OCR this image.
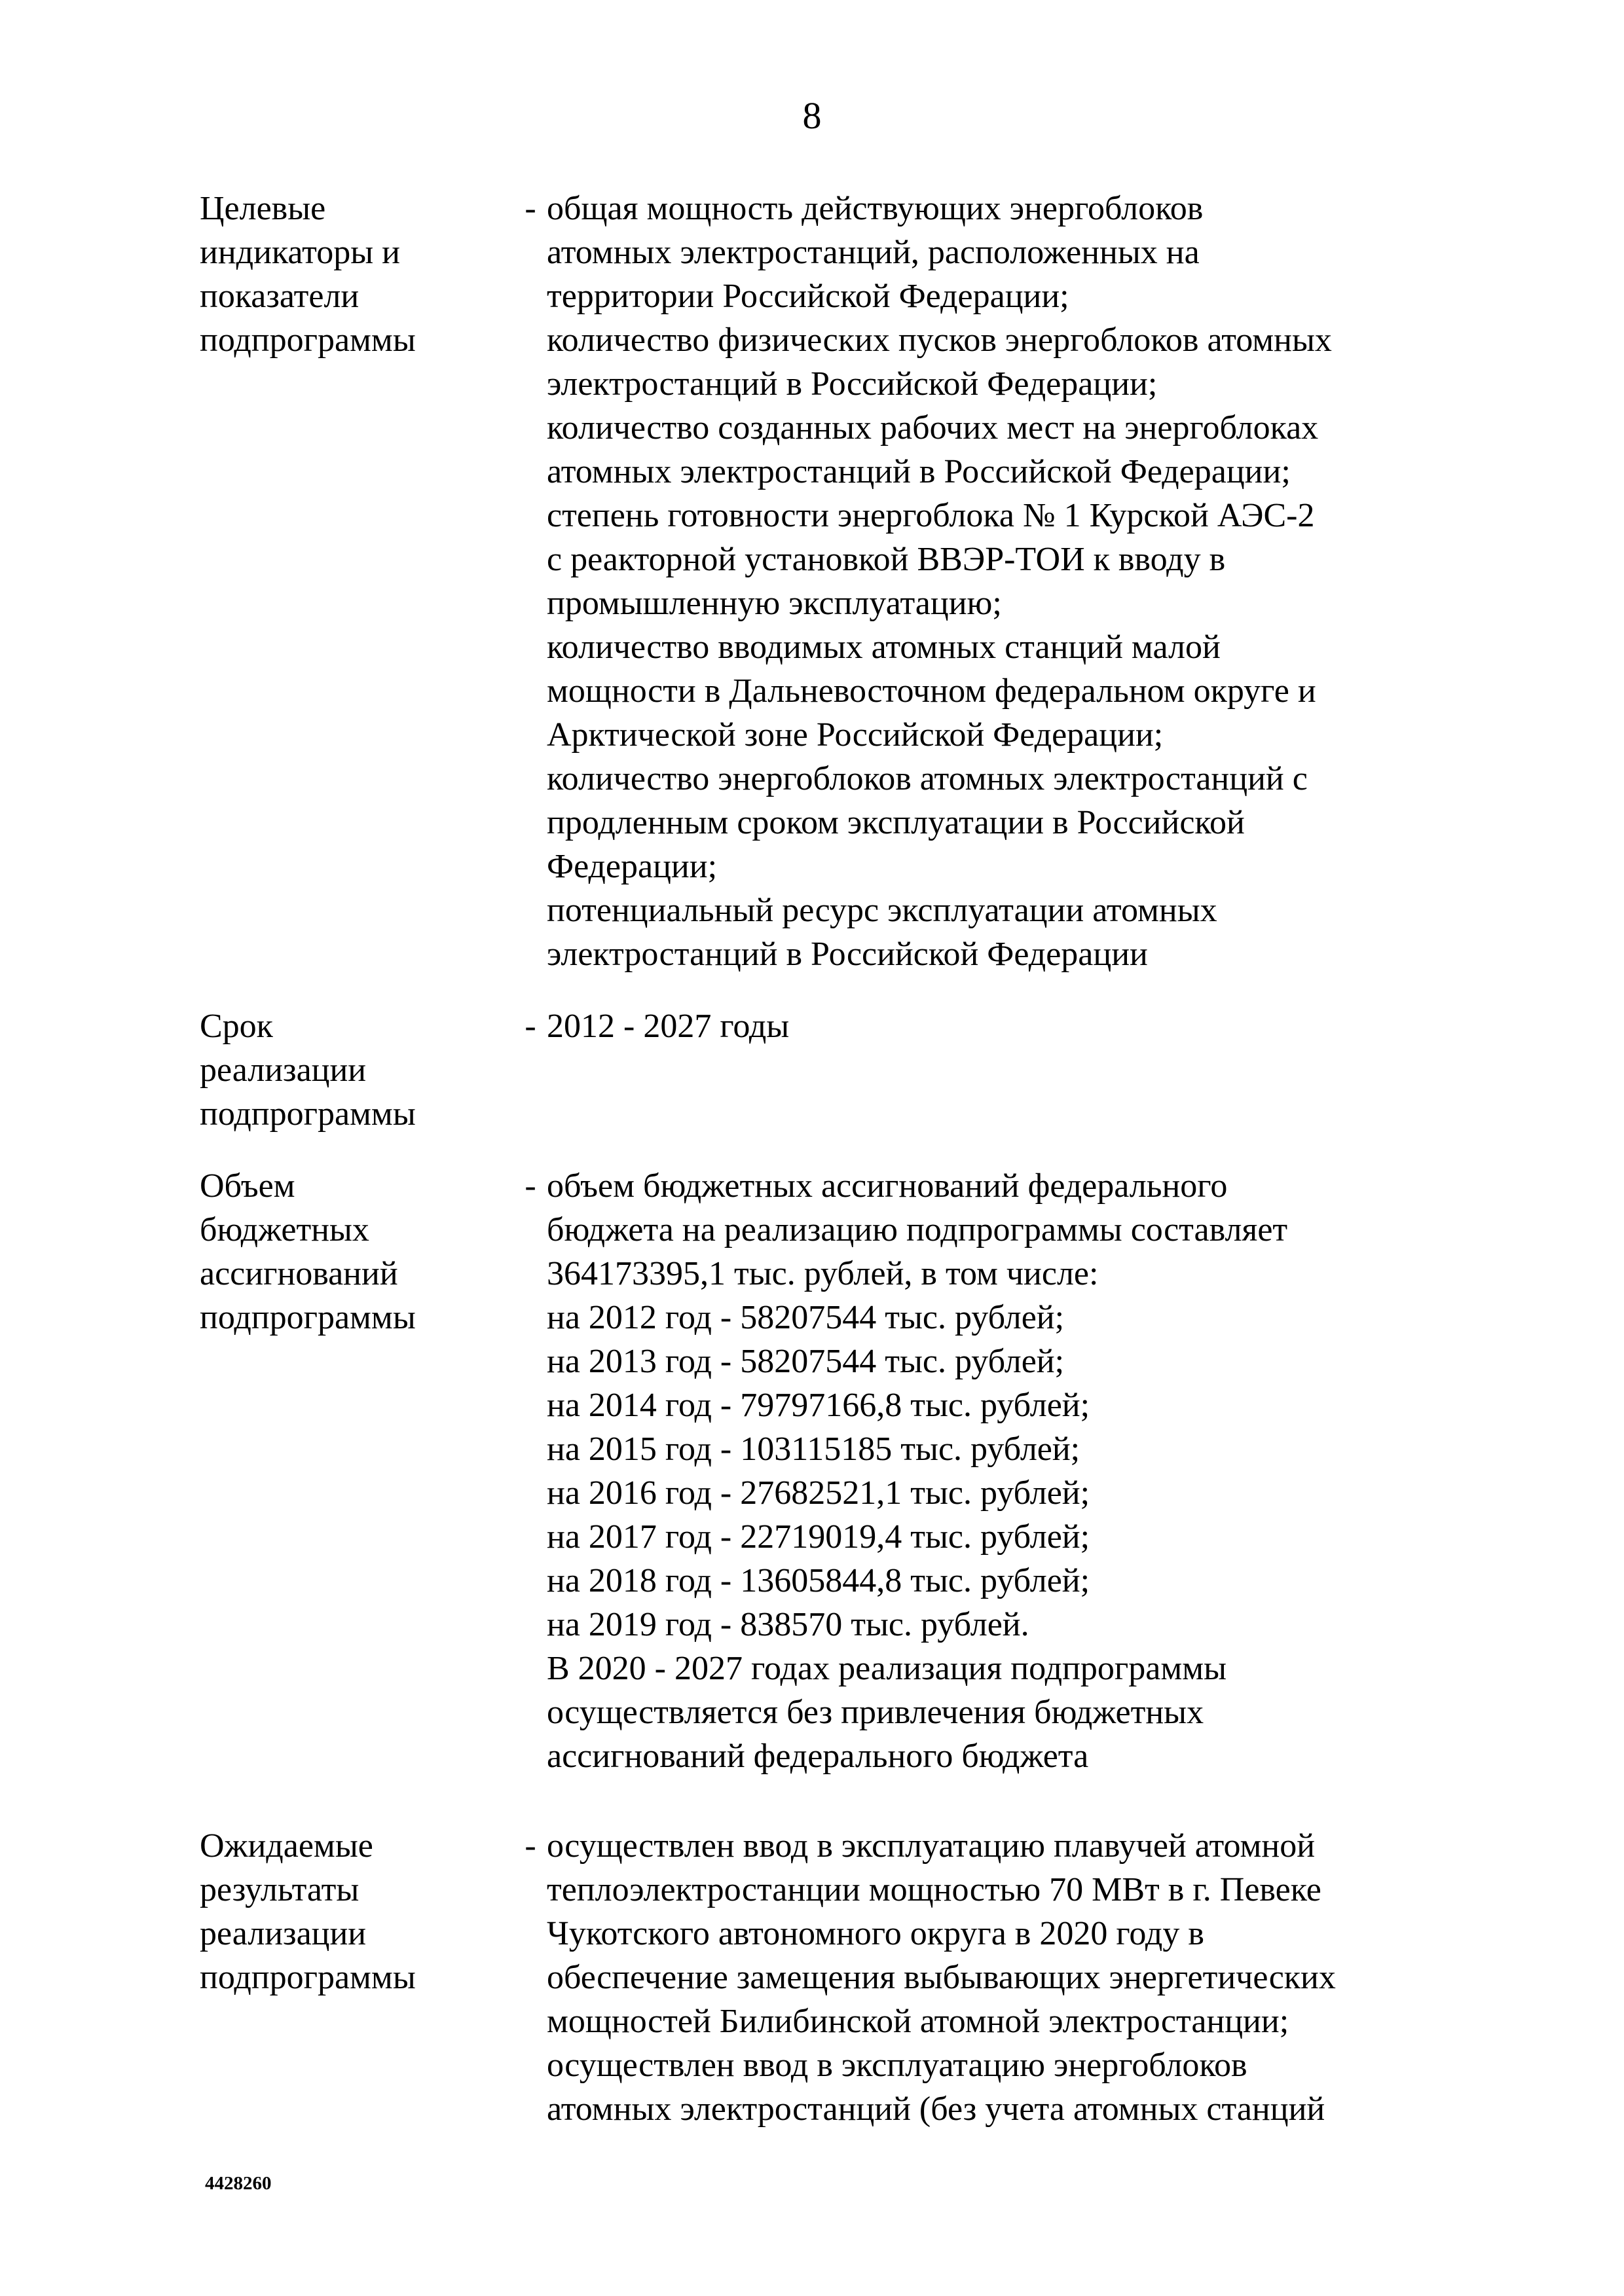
8
Целевые
индикаторы и
показатели
подпрограммы
- общая мощность действующих энергоблоков
атомных электростанций, расположенных на
территории Российской Федерации;
количество физических пусков энергоблоков атомных
электростанций в Российской Федерации;
количество созданных рабочих мест на энергоблоках
атомных электростанций в Российской Федерации;
степень готовности энергоблока № 1 Курской АЭС-2
с реакторной установкой ВВЭР-ТОИ к вводу в
промышленную эксплуатацию;
количество вводимых атомных станций малой
мощности в Дальневосточном федеральном округе и
Арктической зоне Российской Федерации;
количество энергоблоков атомных электростанций с
продленным сроком эксплуатации в Российской
Федерации;
потенциальный ресурс эксплуатации атомных
электростанций в Российской Федерации
Срок
реализации
подпрограммы
- 2012 - 2027 годы
Объем
бюджетных
ассигнований
подпрограммы
- объем бюджетных ассигнований федерального
бюджета на реализацию подпрограммы составляет
364173395,1 тыс. рублей, в том числе:
на 2012 год - 58207544 тыс. рублей;
на 2013 год - 58207544 тыс. рублей;
на 2014 год - 79797166,8 тыс. рублей;
на 2015 год - 103115185 тыс. рублей;
на 2016 год - 27682521,1 тыс. рублей;
на 2017 год - 22719019,4 тыс. рублей;
на 2018 год - 13605844,8 тыс. рублей;
на 2019 год - 838570 тыс. рублей.
В 2020 - 2027 годах реализация подпрограммы
осуществляется без привлечения бюджетных
ассигнований федерального бюджета
Ожидаемые
результаты
реализации
подпрограммы
- осуществлен ввод в эксплуатацию плавучей атомной
теплоэлектростанции мощностью 70 МВт в г. Певеке
Чукотского автономного округа в 2020 году в
обеспечение замещения выбывающих энергетических
мощностей Билибинской атомной электростанции;
осуществлен ввод в эксплуатацию энергоблоков
атомных электростанций (без учета атомных станций
4428260
